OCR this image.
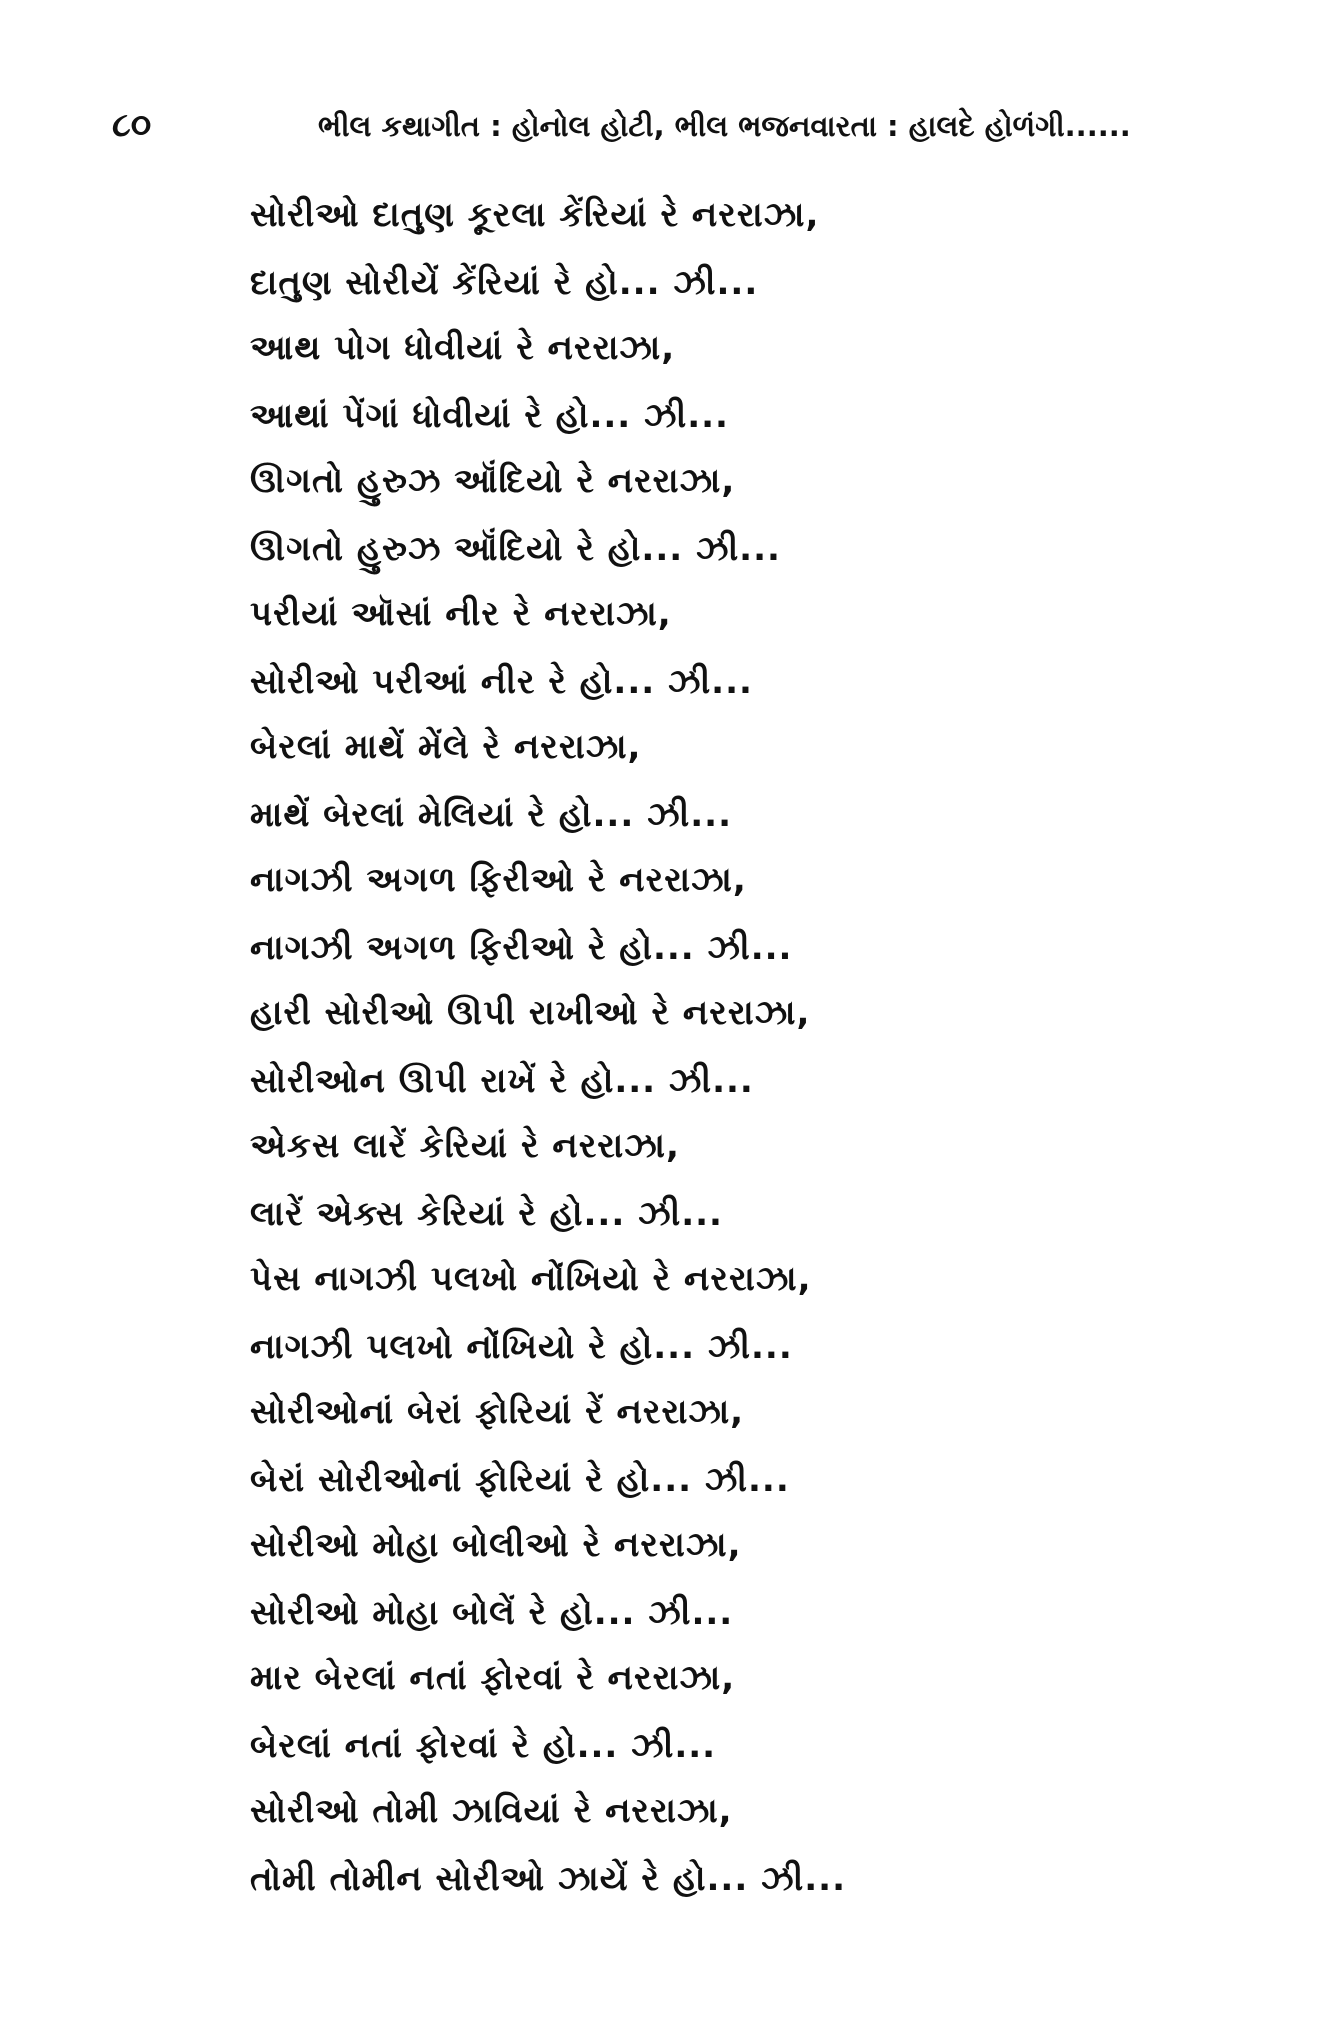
૮૦	ભીલ કથાગીત : હોનોલ હોટી, ભીલ ભજનવારતા : હાલદે હોળંગી......
સોરીઓ દાતુણ કૂરલા કેંરિયાં રે નરરાઝા,
દાતુણ સોરીયેં કેંરિયાં રે હો... ઝી...
આથ પોગ ધોવીયાં રે નરરાઝા,
આથાં પેંગાં ધોવીયાં રે હો... ઝી...
ઊગતો હુરુઝ ઑંદિયો રે નરરાઝા,
ઊગતો હુરુઝ ઑંદિયો રે હો... ઝી...
પરીયાં ઑસાં નીર રે નરરાઝા,
સોરીઓ પરીઆં નીર રે હો... ઝી...
બેરલાં માથેં મેંલે રે નરરાઝા,
માથેં બેરલાં મેલિયાં રે હો... ઝી...
નાગઝી અગળ ફિરીઓ રે નરરાઝા,
નાગઝી અગળ ફિરીઓ રે હો... ઝી...
હારી સોરીઓ ઊપી રાખીઓ રે નરરાઝા,
સોરીઓન ઊપી રાખેં રે હો... ઝી...
એકસ લારેં કેરિયાં રે નરરાઝા,
લારેં એક્સ કેરિયાં રે હો... ઝી...
પેસ નાગઝી પલખો નોંખિયો રે નરરાઝા,
નાગઝી પલખો નોંખિયો રે હો... ઝી...
સોરીઓનાં બેરાં ફોરિયાં રેં નરરાઝા,
બેરાં સોરીઓનાં ફોરિયાં રે હો... ઝી...
સોરીઓ મોહા બોલીઓ રે નરરાઝા,
સોરીઓ મોહા બોલેં રે હો... ઝી...
માર બેરલાં નતાં ફોરવાં રે નરરાઝા,
બેરલાં નતાં ફોરવાં રે હો... ઝી...
સોરીઓ તોમી ઝાવિયાં રે નરરાઝા,
તોમી તોમીન સોરીઓ ઝાયેં રે હો... ઝી...
